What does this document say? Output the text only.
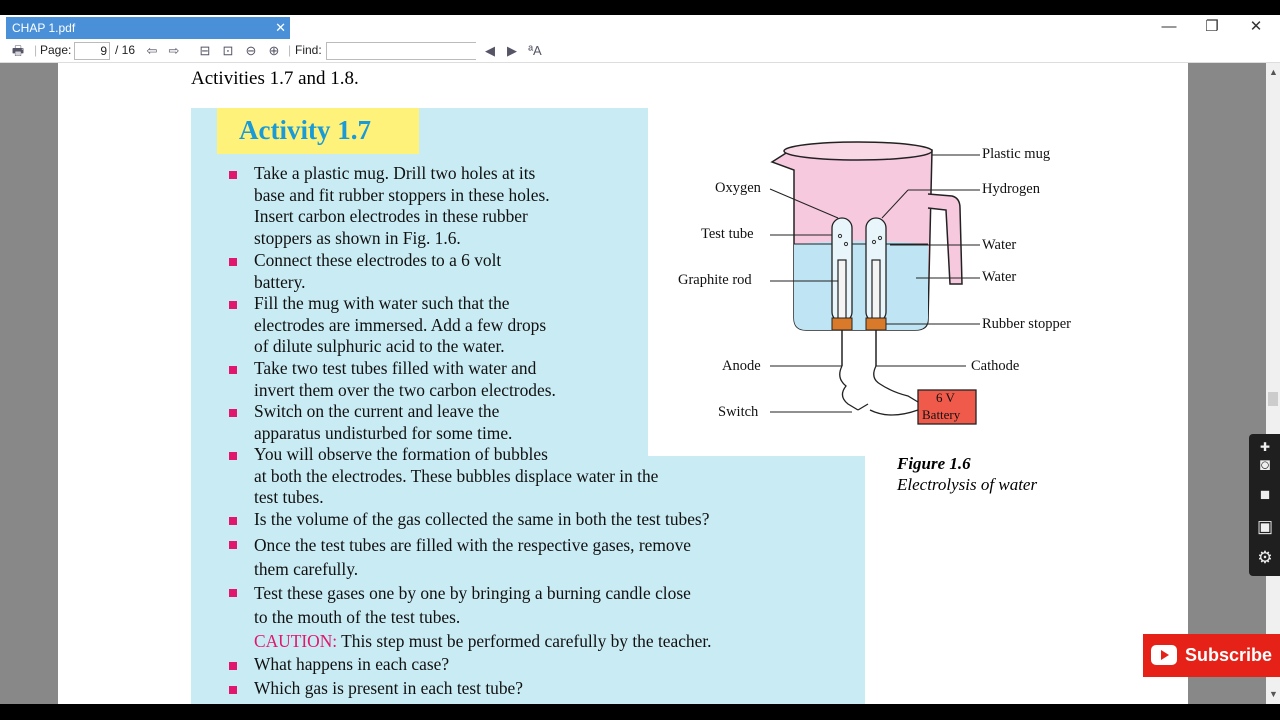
CHAP 1.pdf	✕	—	❐	✕
🖶 | Page:	9 / 16 ⇦ ⇨ ⊟ ⊡ ⊖ ⊕ | Find:	◀ ▶ ªA
Activities 1.7 and 1.8.
Activity 1.7
Take a plastic mug. Drill two holes at its
base and fit rubber stoppers in these holes.
Insert carbon electrodes in these rubber
stoppers as shown in Fig. 1.6.
Connect these electrodes to a 6 volt
battery.
Fill the mug with water such that the
electrodes are immersed. Add a few drops
of dilute sulphuric acid to the water.
Take two test tubes filled with water and
invert them over the two carbon electrodes.
Switch on the current and leave the
apparatus undisturbed for some time.
You will observe the formation of bubbles
at both the electrodes. These bubbles displace water in the
test tubes.
Is the volume of the gas collected the same in both the test tubes?
Once the test tubes are filled with the respective gases, remove
them carefully.
Test these gases one by one by bringing a burning candle close
to the mouth of the test tubes.
CAUTION: This step must be performed carefully by the teacher.
What happens in each case?
Which gas is present in each test tube?
Plastic mug
Oxygen	Hydrogen
Test tube
Water
Water
Graphite rod
Rubber stopper
Anode	Cathode
Switch
6 V
Battery
Figure 1.6
Electrolysis of water
▲
▼
✚
◙
■
▣
⚙
Subscribe
